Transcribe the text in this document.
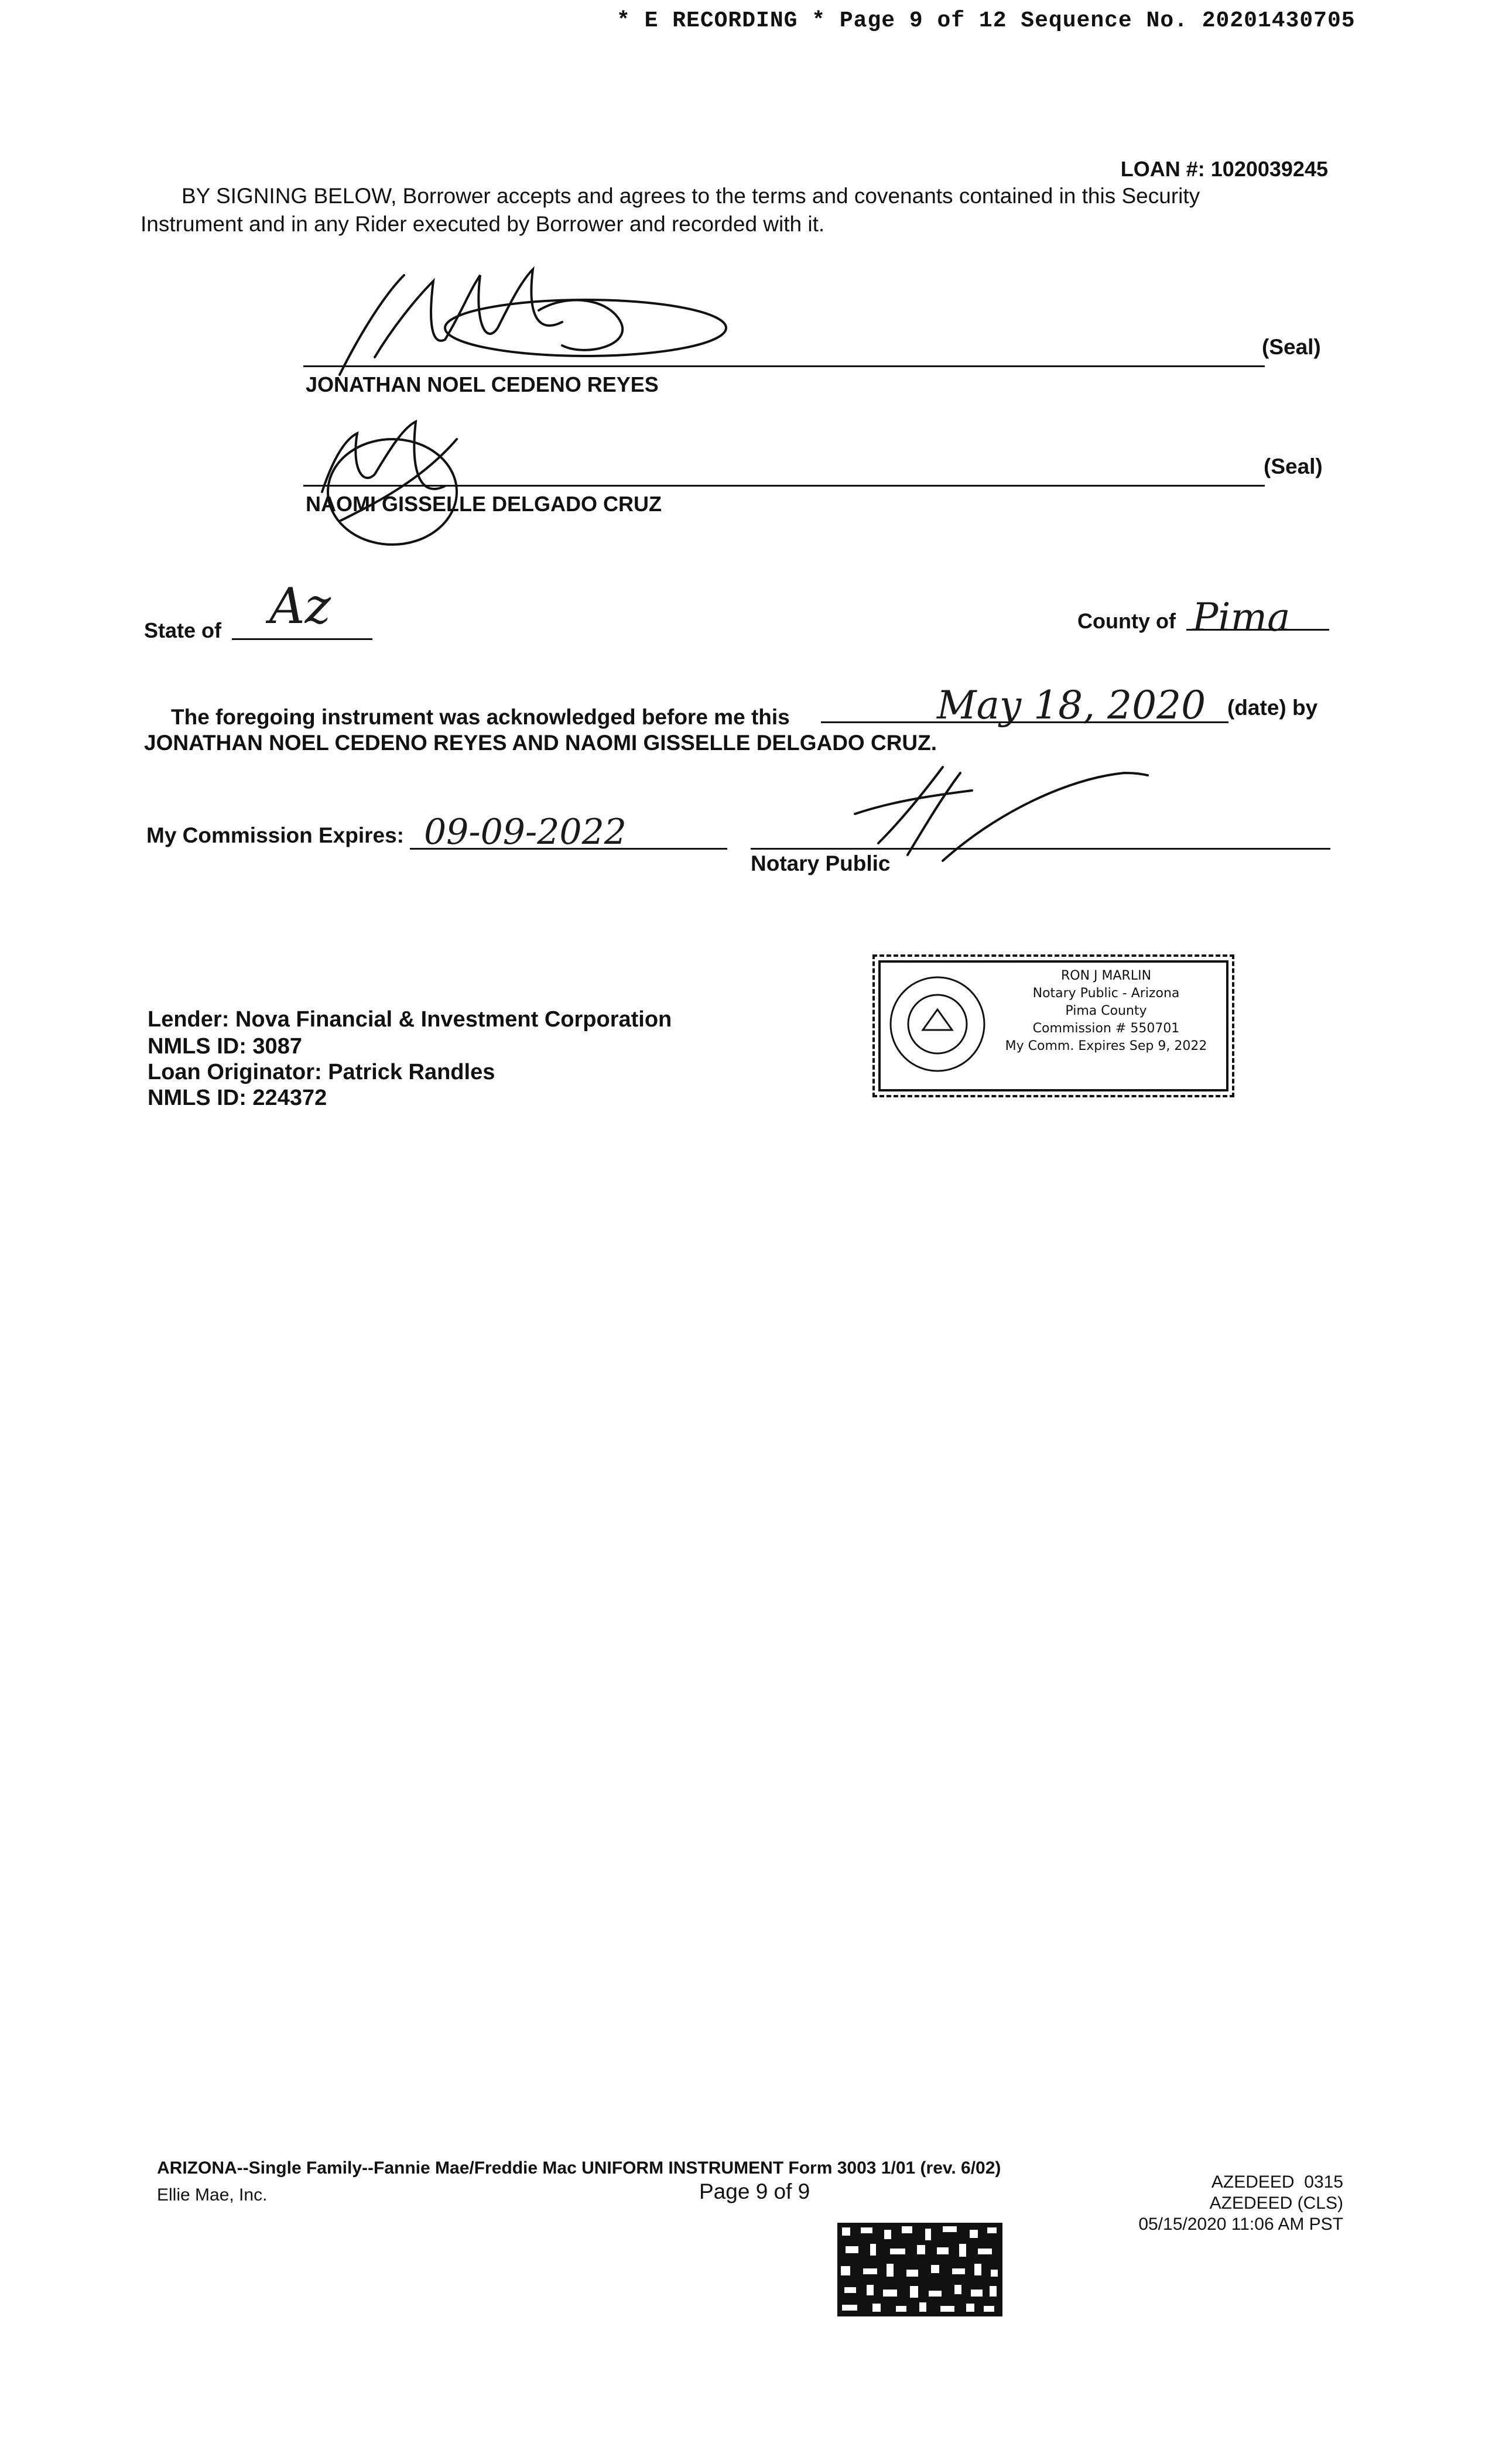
* E RECORDING * Page 9 of 12 Sequence No. 20201430705
LOAN #: 1020039245
BY SIGNING BELOW, Borrower accepts and agrees to the terms and covenants contained in this Security
Instrument and in any Rider executed by Borrower and recorded with it.
(Seal)
JONATHAN NOEL CEDENO REYES
(Seal)
NAOMI GISSELLE DELGADO CRUZ
State of Az	County of Pima
The foregoing instrument was acknowledged before me this	May 18, 2020 (date) by
JONATHAN NOEL CEDENO REYES AND NAOMI GISSELLE DELGADO CRUZ.
My Commission Expires: 09-09-2022
Notary Public
RON J MARLIN
Notary Public - Arizona
Pima County
Commission # 550701
My Comm. Expires Sep 9, 2022
Lender: Nova Financial & Investment Corporation
NMLS ID: 3087
Loan Originator: Patrick Randles
NMLS ID: 224372
ARIZONA--Single Family--Fannie Mae/Freddie Mac UNIFORM INSTRUMENT Form 3003 1/01 (rev. 6/02)
Ellie Mae, Inc.	Page 9 of 9	AZEDEED  0315
AZEDEED (CLS)
05/15/2020 11:06 AM PST
